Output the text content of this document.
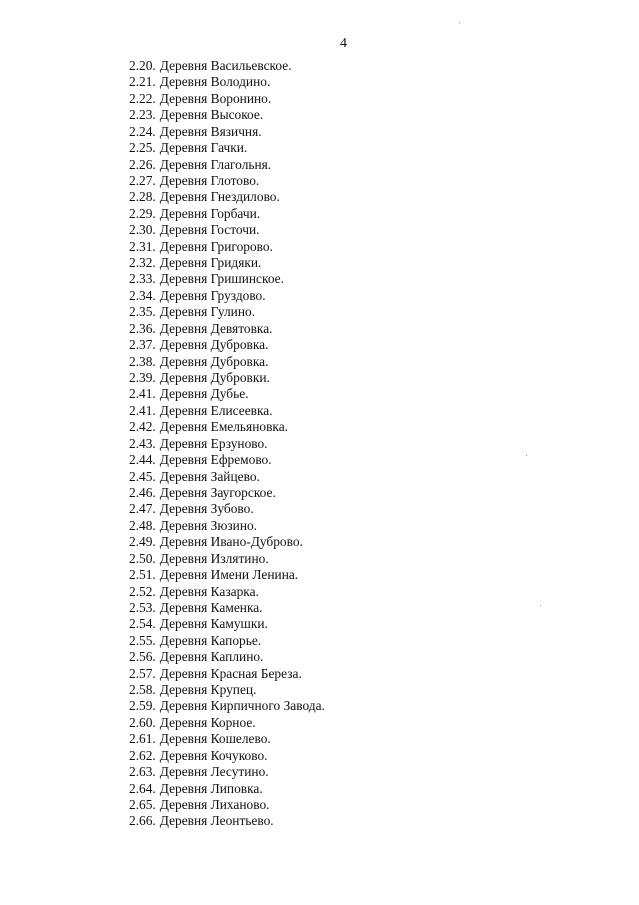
4
2.20. Деревня Васильевское.
2.21. Деревня Володино.
2.22. Деревня Воронино.
2.23. Деревня Высокое.
2.24. Деревня Вязичня.
2.25. Деревня Гачки.
2.26. Деревня Глагольня.
2.27. Деревня Глотово.
2.28. Деревня Гнездилово.
2.29. Деревня Горбачи.
2.30. Деревня Госточи.
2.31. Деревня Григорово.
2.32. Деревня Гридяки.
2.33. Деревня Гришинское.
2.34. Деревня Груздово.
2.35. Деревня Гулино.
2.36. Деревня Девятовка.
2.37. Деревня Дубровка.
2.38. Деревня Дубровка.
2.39. Деревня Дубровки.
2.41. Деревня Дубье.
2.41. Деревня Елисеевка.
2.42. Деревня Емельяновка.
2.43. Деревня Ерзуново.
2.44. Деревня Ефремово.
2.45. Деревня Зайцево.
2.46. Деревня Заугорское.
2.47. Деревня Зубово.
2.48. Деревня Зюзино.
2.49. Деревня Ивано-Дуброво.
2.50. Деревня Излятино.
2.51. Деревня Имени Ленина.
2.52. Деревня Казарка.
2.53. Деревня Каменка.
2.54. Деревня Камушки.
2.55. Деревня Капорье.
2.56. Деревня Каплино.
2.57. Деревня Красная Береза.
2.58. Деревня Крупец.
2.59. Деревня Кирпичного Завода.
2.60. Деревня Корное.
2.61. Деревня Кошелево.
2.62. Деревня Кочуково.
2.63. Деревня Лесутино.
2.64. Деревня Липовка.
2.65. Деревня Лиханово.
2.66. Деревня Леонтьево.
